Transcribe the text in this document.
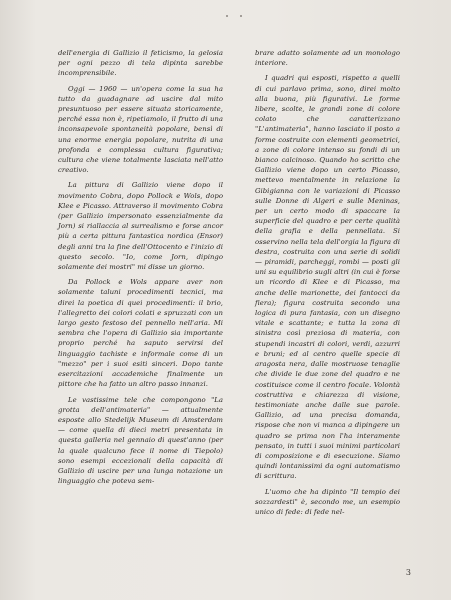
dell'energia di Gallizio il feticismo, la gelosia per ogni pezzo di tela dipinta sarebbe incomprensibile.

Oggi — 1960 — un'opera come la sua ha tutto da guadagnare ad uscire dal mito presuntuoso per essere situata storicamente, perché essa non è, ripetiamolo, il frutto di una inconsapevole spontaneità popolare, bensì di una enorme energia popolare, nutrita di una profonda e complessa cultura figurativa; cultura che viene totalmente lasciata nell'atto creativo.

La pittura di Gallizio viene dopo il movimento Cobra, dopo Pollock e Wols, dopo Klee e Picasso. Attraverso il movimento Cobra (per Gallizio impersonato essenzialmente da Jorn) si riallaccia al surrealismo e forse ancor più a certa pittura fantastica nordica (Ensor) degli anni tra la fine dell'Ottocento e l'inizio di questo secolo. "Io, come Jorn, dipingo solamente dei mostri" mi disse un giorno.

Da Pollock e Wols appare aver non solamente taluni procedimenti tecnici, ma direi la poetica di quei procedimenti: il brio, l'allegretto dei colori colati e spruzzati con un largo gesto festoso del pennello nell'aria. Mi sembra che l'opera di Gallizio sia importante proprio perché ha saputo servirsi del linguaggio tachiste e informale come di un "mezzo" per i suoi esiti sinceri. Dopo tante esercitazioni accademiche finalmente un pittore che ha fatto un altro passo innanzi.

Le vastissime tele che compongono "La grotta dell'antimateria" — attualmente esposte allo Stedelijk Museum di Amsterdam — come quella di dieci metri presentata in questa galleria nel gennaio di quest'anno (per la quale qualcuno fece il nome di Tiepolo) sono esempi eccezionali della capacità di Gallizio di uscire per una lunga notazione un linguaggio che poteva sem-

brare adatto solamente ad un monologo interiore.

I quadri qui esposti, rispetto a quelli di cui parlavo prima, sono, direi molto alla buona, più figurativi. Le forme libere, scolte, le grandi zone di colore colato che caratterizzano "L'antimateria", hanno lasciato il posto a forme costruite con elementi geometrici, a zone di colore intenso su fondi di un bianco calcinoso. Quando ho scritto che Gallizio viene dopo un certo Picasso, mettevo mentalmente in relazione la Gibigianna con le variazioni di Picasso sulle Donne di Algeri e sulle Meninas, per un certo modo di spaccare la superficie del quadro e per certe qualità della grafia e della pennellata. Si osservino nella tela dell'orgia la figura di destra, costruita con una serie di solidi — piramidi, parcheggi, rombi — posti gli uni su equilibrio sugli altri (in cui è forse un ricordo di Klee e di Picasso, ma anche delle marionette, dei fantocci da fiera); figura costruita secondo una logica di pura fantasia, con un disegno vitale e scattante; e tutta la zona di sinistra così preziosa di materia, con stupendi incastri di colori, verdi, azzurri e bruni; ed al centro quelle specie di aragosta nera, dalle mostruose tenaglie che divide le due zone del quadro e ne costituisce come il centro focale. Volontà costruttiva e chiarezza di visione, testimoniate anche dalle sue parole. Gallizio, ad una precisa domanda, rispose che non vi manca a dipingere un quadro se prima non l'ha interamente pensato, in tutti i suoi minimi particolari di composizione e di esecuzione. Siamo quindi lontanissimi da ogni automatismo di scrittura.

L'uomo che ha dipinto "Il tempio dei sozzardesti" è, secondo me, un esempio unico di fede: di fede nel-

3
